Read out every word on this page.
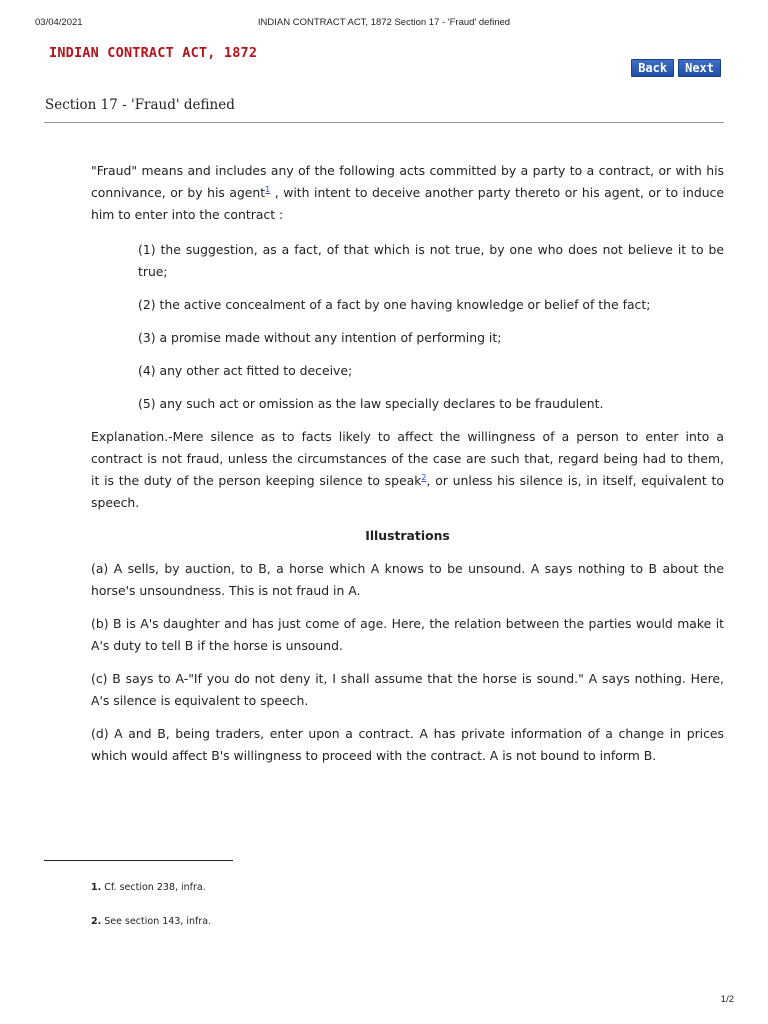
03/04/2021	INDIAN CONTRACT ACT, 1872 Section 17 - 'Fraud' defined
INDIAN CONTRACT ACT, 1872
Back	Next
Section 17 - 'Fraud' defined

"Fraud" means and includes any of the following acts committed by a party to a contract, or with his connivance, or by his agent$^1$ , with intent to deceive another party thereto or his agent, or to induce him to enter into the contract :

(1) the suggestion, as a fact, of that which is not true, by one who does not believe it to be true;

(2) the active concealment of a fact by one having knowledge or belief of the fact;

(3) a promise made without any intention of performing it;

(4) any other act fitted to deceive;

(5) any such act or omission as the law specially declares to be fraudulent.

Explanation.-Mere silence as to facts likely to affect the willingness of a person to enter into a contract is not fraud, unless the circumstances of the case are such that, regard being had to them, it is the duty of the person keeping silence to speak$^2$, or unless his silence is, in itself, equivalent to speech.

Illustrations

(a) A sells, by auction, to B, a horse which A knows to be unsound. A says nothing to B about the horse's unsoundness. This is not fraud in A.

(b) B is A's daughter and has just come of age. Here, the relation between the parties would make it A's duty to tell B if the horse is unsound.

(c) B says to A-"If you do not deny it, I shall assume that the horse is sound." A says nothing. Here, A's silence is equivalent to speech.

(d) A and B, being traders, enter upon a contract. A has private information of a change in prices which would affect B's willingness to proceed with the contract. A is not bound to inform B.

1. Cf. section 238, infra.
2. See section 143, infra.
1/2
